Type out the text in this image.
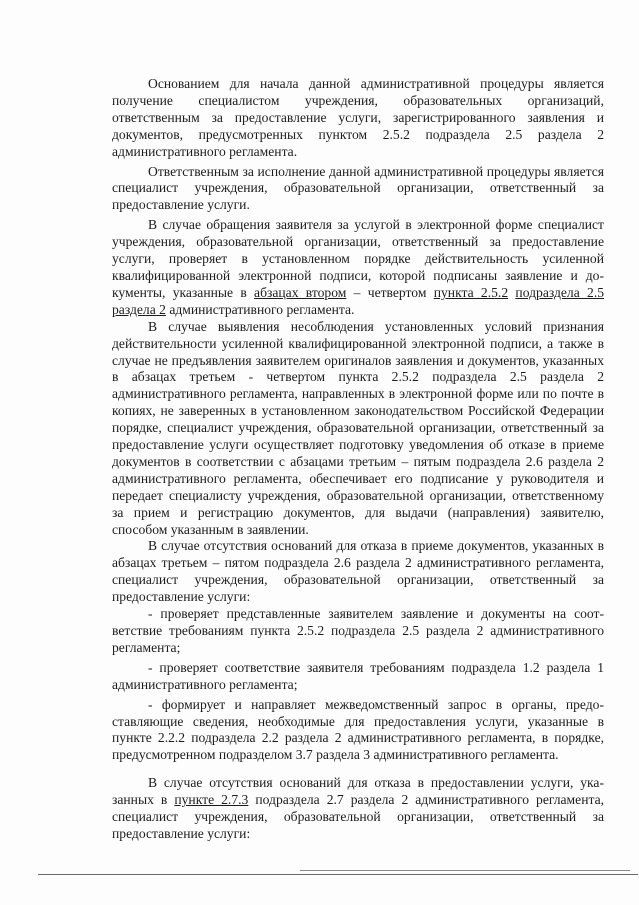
Основанием для начала данной административной процедуры является получение специалистом учреждения, образовательных организаций, ответственным за предоставление услуги, зарегистрированного заявления и документов, предусмотренных пунктом 2.5.2 подраздела 2.5 раздела 2 административного регламента.

Ответственным за исполнение данной административной процедуры является специалист учреждения, образовательной организации, ответственный за предоставление услуги.

В случае обращения заявителя за услугой в электронной форме специалист учреждения, образовательной организации, ответственный за предоставление услуги, проверяет в установленном порядке действительность усиленной квалифицированной электронной подписи, которой подписаны заявление и документы, указанные в абзацах втором – четвертом пункта 2.5.2 подраздела 2.5 раздела 2 административного регламента.

В случае выявления несоблюдения установленных условий признания действительности усиленной квалифицированной электронной подписи, а также в случае не предъявления заявителем оригиналов заявления и документов, указанных в абзацах третьем - четвертом пункта 2.5.2 подраздела 2.5 раздела 2 административного регламента, направленных в электронной форме или по почте в копиях, не заверенных в установленном законодательством Российской Федерации порядке, специалист учреждения, образовательной организации, ответственный за предоставление услуги осуществляет подготовку уведомления об отказе в приеме документов в соответствии с абзацами третьим – пятым подраздела 2.6 раздела 2 административного регламента, обеспечивает его подписание у руководителя и передает специалисту учреждения, образовательной организации, ответственному за прием и регистрацию документов, для выдачи (направления) заявителю, способом указанным в заявлении.

В случае отсутствия оснований для отказа в приеме документов, указанных в абзацах третьем – пятом подраздела 2.6 раздела 2 административного регламента, специалист учреждения, образовательной организации, ответственный за предоставление услуги:

- проверяет представленные заявителем заявление и документы на соответствие требованиям пункта 2.5.2 подраздела 2.5 раздела 2 административного регламента;

- проверяет соответствие заявителя требованиям подраздела 1.2 раздела 1 административного регламента;

- формирует и направляет межведомственный запрос в органы, предоставляющие сведения, необходимые для предоставления услуги, указанные в пункте 2.2.2 подраздела 2.2 раздела 2 административного регламента, в порядке, предусмотренном подразделом 3.7 раздела 3 административного регламента.

В случае отсутствия оснований для отказа в предоставлении услуги, указанных в пункте 2.7.3 подраздела 2.7 раздела 2 административного регламента, специалист учреждения, образовательной организации, ответственный за предоставление услуги:
